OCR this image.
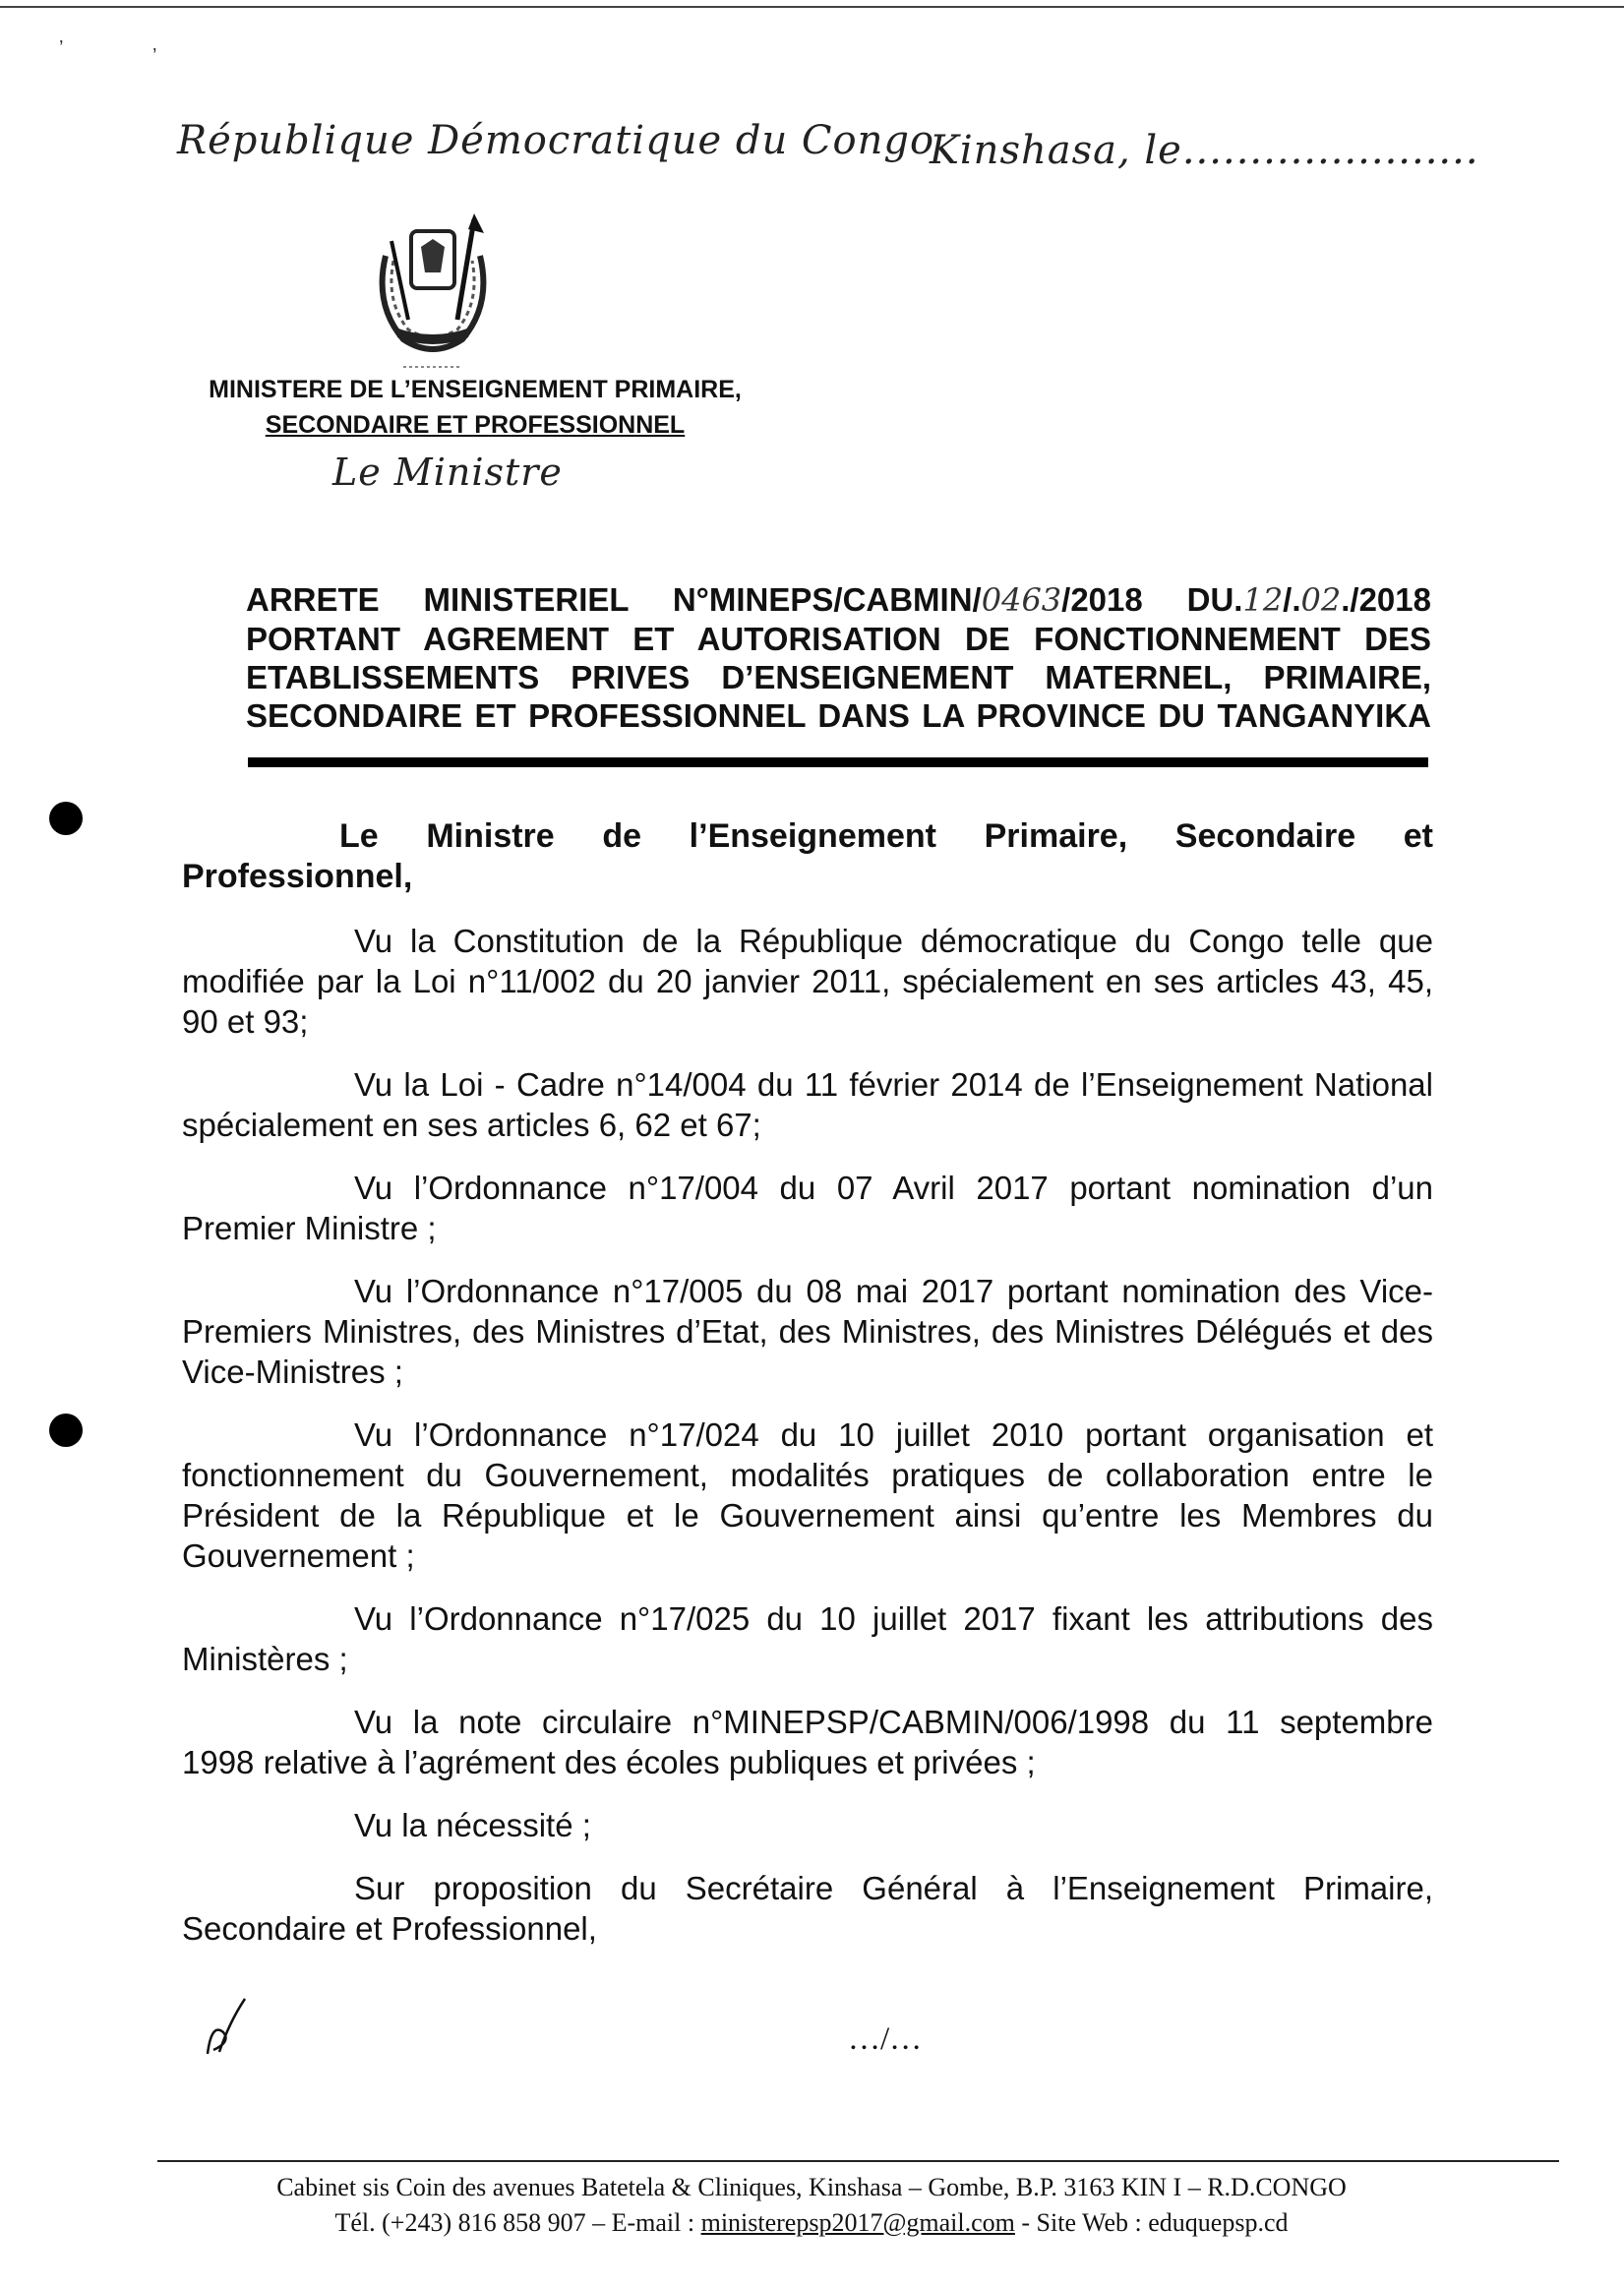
’	’
République Démocratique du Congo
Kinshasa, le......................
MINISTERE DE L’ENSEIGNEMENT PRIMAIRE,
SECONDAIRE ET PROFESSIONNEL
Le Ministre
ARRETE MINISTERIEL N°MINEPS/CABMIN/0463/2018 DU.12/.02./2018
PORTANT AGREMENT ET AUTORISATION DE FONCTIONNEMENT DES
ETABLISSEMENTS PRIVES D’ENSEIGNEMENT MATERNEL, PRIMAIRE,
SECONDAIRE ET PROFESSIONNEL DANS LA PROVINCE DU TANGANYIKA

Le Ministre de l’Enseignement Primaire, Secondaire et Professionnel,

Vu la Constitution de la République démocratique du Congo telle que modifiée par la Loi n°11/002 du 20 janvier 2011, spécialement en ses articles 43, 45, 90 et 93;

Vu la Loi - Cadre n°14/004 du 11 février 2014 de l’Enseignement National spécialement en ses articles 6, 62 et 67;

Vu l’Ordonnance n°17/004 du 07 Avril 2017 portant nomination d’un Premier Ministre ;

Vu l’Ordonnance n°17/005 du 08 mai 2017 portant nomination des Vice-Premiers Ministres, des Ministres d’Etat, des Ministres, des Ministres Délégués et des Vice-Ministres ;

Vu l’Ordonnance n°17/024 du 10 juillet 2010 portant organisation et fonctionnement du Gouvernement, modalités pratiques de collaboration entre le Président de la République et le Gouvernement ainsi qu’entre les Membres du Gouvernement ;

Vu l’Ordonnance n°17/025 du 10 juillet 2017 fixant les attributions des Ministères ;

Vu la note circulaire n°MINEPSP/CABMIN/006/1998 du 11 septembre 1998 relative à l’agrément des écoles publiques et privées ;

Vu la nécessité ;

Sur proposition du Secrétaire Général à l’Enseignement Primaire, Secondaire et Professionnel,

…/…
Cabinet sis Coin des avenues Batetela & Cliniques, Kinshasa – Gombe, B.P. 3163 KIN I – R.D.CONGO
Tél. (+243) 816 858 907 – E-mail : ministerepsp2017@gmail.com - Site Web : eduquepsp.cd
